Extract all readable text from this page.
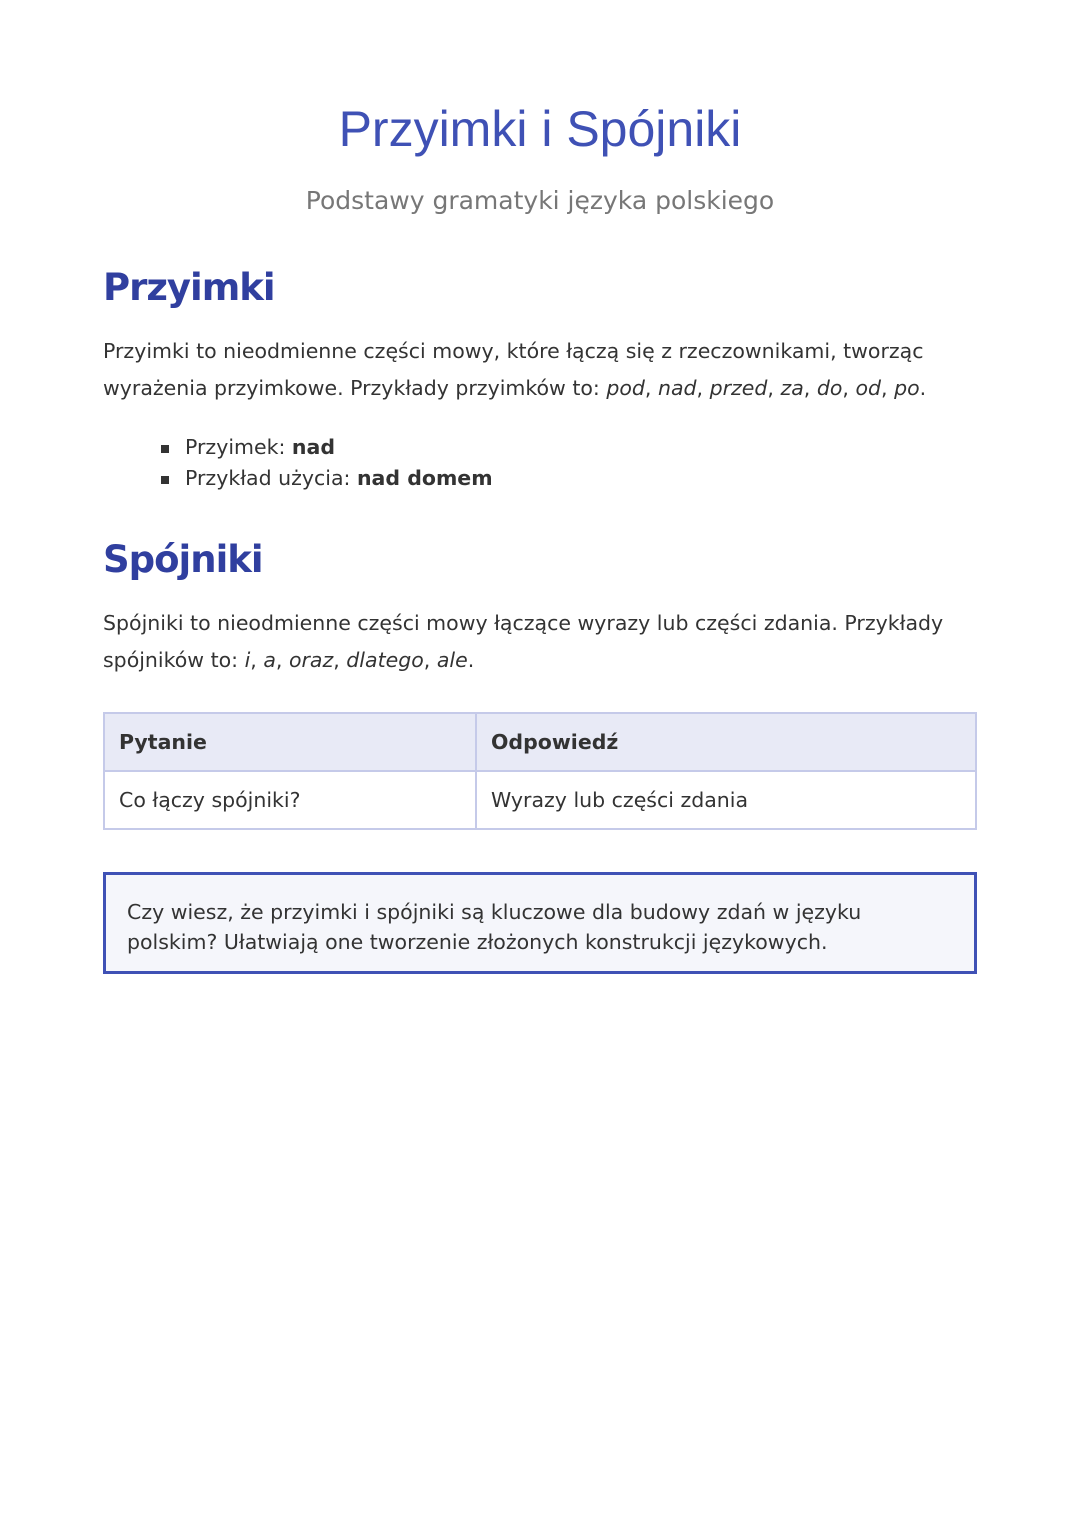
Przyimki i Spójniki
Podstawy gramatyki języka polskiego
Przyimki

Przyimki to nieodmienne części mowy, które łączą się z rzeczownikami, tworząc wyrażenia przyimkowe. Przykłady przyimków to: pod, nad, przed, za, do, od, po.

Przyimek: nad
Przykład użycia: nad domem
Spójniki

Spójniki to nieodmienne części mowy łączące wyrazy lub części zdania. Przykłady spójników to: i, a, oraz, dlatego, ale.

Pytanie	Odpowiedź
Co łączy spójniki?	Wyrazy lub części zdania
Czy wiesz, że przyimki i spójniki są kluczowe dla budowy zdań w języku polskim? Ułatwiają one tworzenie złożonych konstrukcji językowych.
